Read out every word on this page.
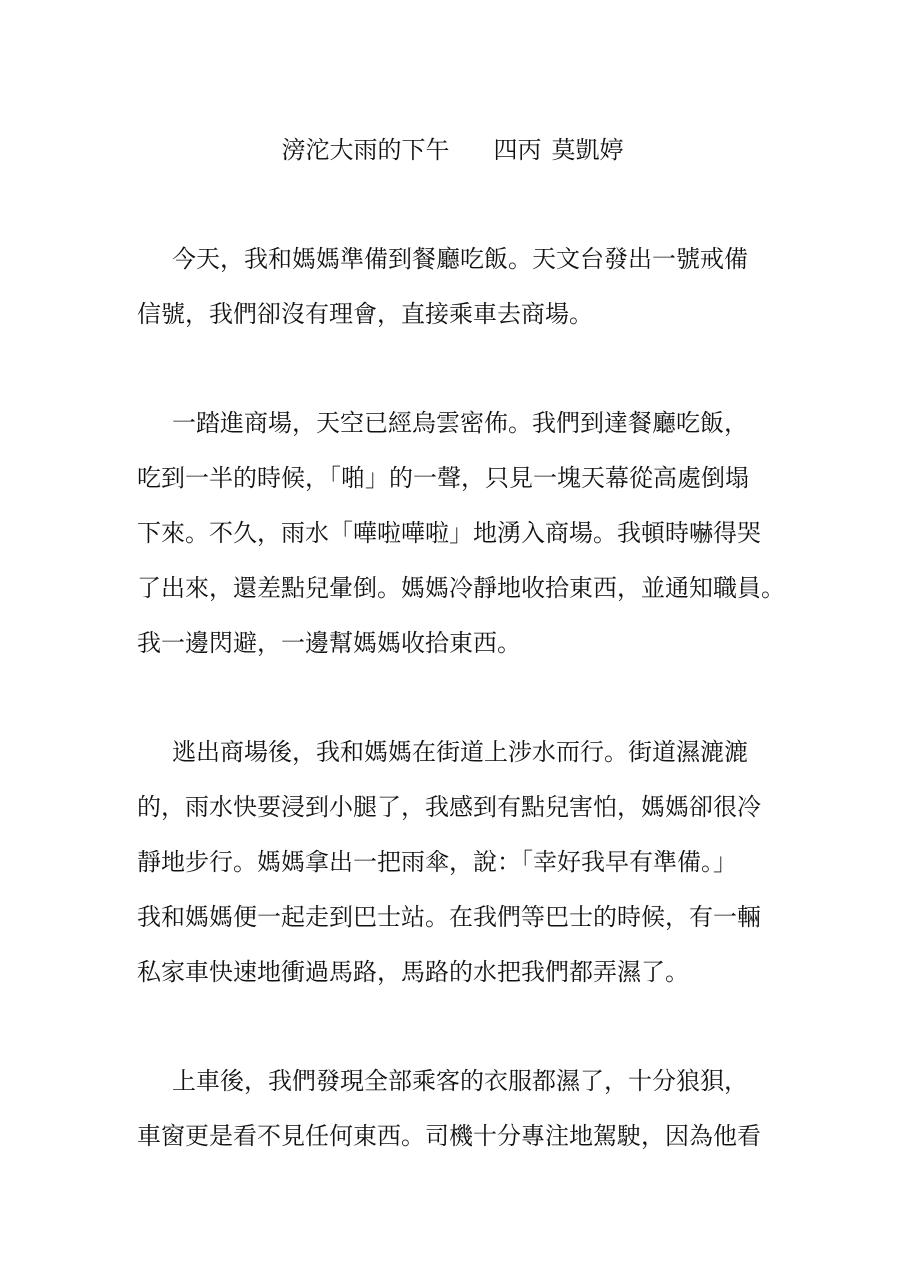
滂沱大雨的下午 四丙 莫凱婷
今天，我和媽媽準備到餐廳吃飯。天文台發出一號戒備
信號，我們卻沒有理會，直接乘車去商場。
一踏進商場，天空已經烏雲密佈。我們到達餐廳吃飯，
吃到一半的時候，「啪」的一聲，只見一塊天幕從高處倒塌
下來。不久，雨水「嘩啦嘩啦」地湧入商場。我頓時嚇得哭
了出來，還差點兒暈倒。媽媽冷靜地收拾東西，並通知職員。
我一邊閃避，一邊幫媽媽收拾東西。
逃出商場後，我和媽媽在街道上涉水而行。街道濕漉漉
的，雨水快要浸到小腿了，我感到有點兒害怕，媽媽卻很冷
靜地步行。媽媽拿出一把雨傘，說：「幸好我早有準備。」
我和媽媽便一起走到巴士站。在我們等巴士的時候，有一輛
私家車快速地衝過馬路，馬路的水把我們都弄濕了。
上車後，我們發現全部乘客的衣服都濕了，十分狼狽，
車窗更是看不見任何東西。司機十分專注地駕駛，因為他看
